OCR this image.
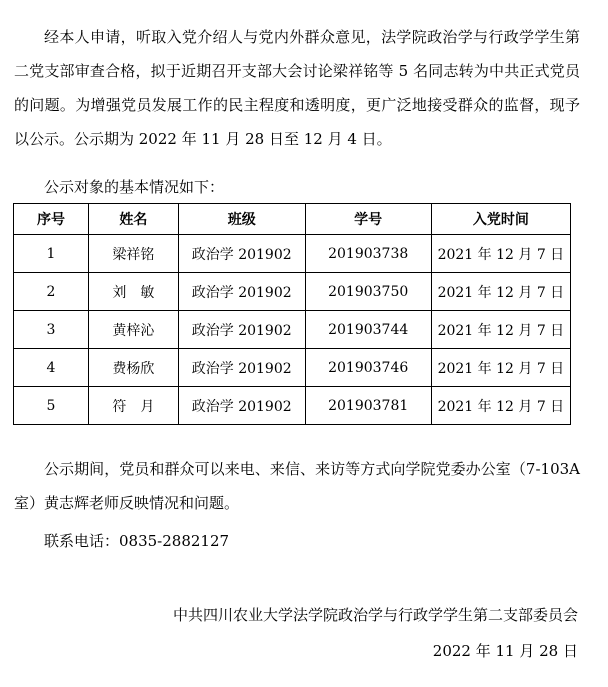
经本人申请，听取入党介绍人与党内外群众意见，法学院政治学与行政学学生第二党支部审查合格，拟于近期召开支部大会讨论梁祥铭等 5 名同志转为中共正式党员的问题。为增强党员发展工作的民主程度和透明度，更广泛地接受群众的监督，现予以公示。公示期为 2022 年 11 月 28 日至 12 月 4 日。

公示对象的基本情况如下：

序号	姓名	班级	学号	入党时间
1	梁祥铭	政治学 201902	201903738	2021 年 12 月 7 日
2	刘　敏	政治学 201902	201903750	2021 年 12 月 7 日
3	黄梓沁	政治学 201902	201903744	2021 年 12 月 7 日
4	费杨欣	政治学 201902	201903746	2021 年 12 月 7 日
5	符　月	政治学 201902	201903781	2021 年 12 月 7 日

公示期间，党员和群众可以来电、来信、来访等方式向学院党委办公室（7-103A 室）黄志辉老师反映情况和问题。

联系电话：0835-2882127

中共四川农业大学法学院政治学与行政学学生第二支部委员会

2022 年 11 月 28 日
